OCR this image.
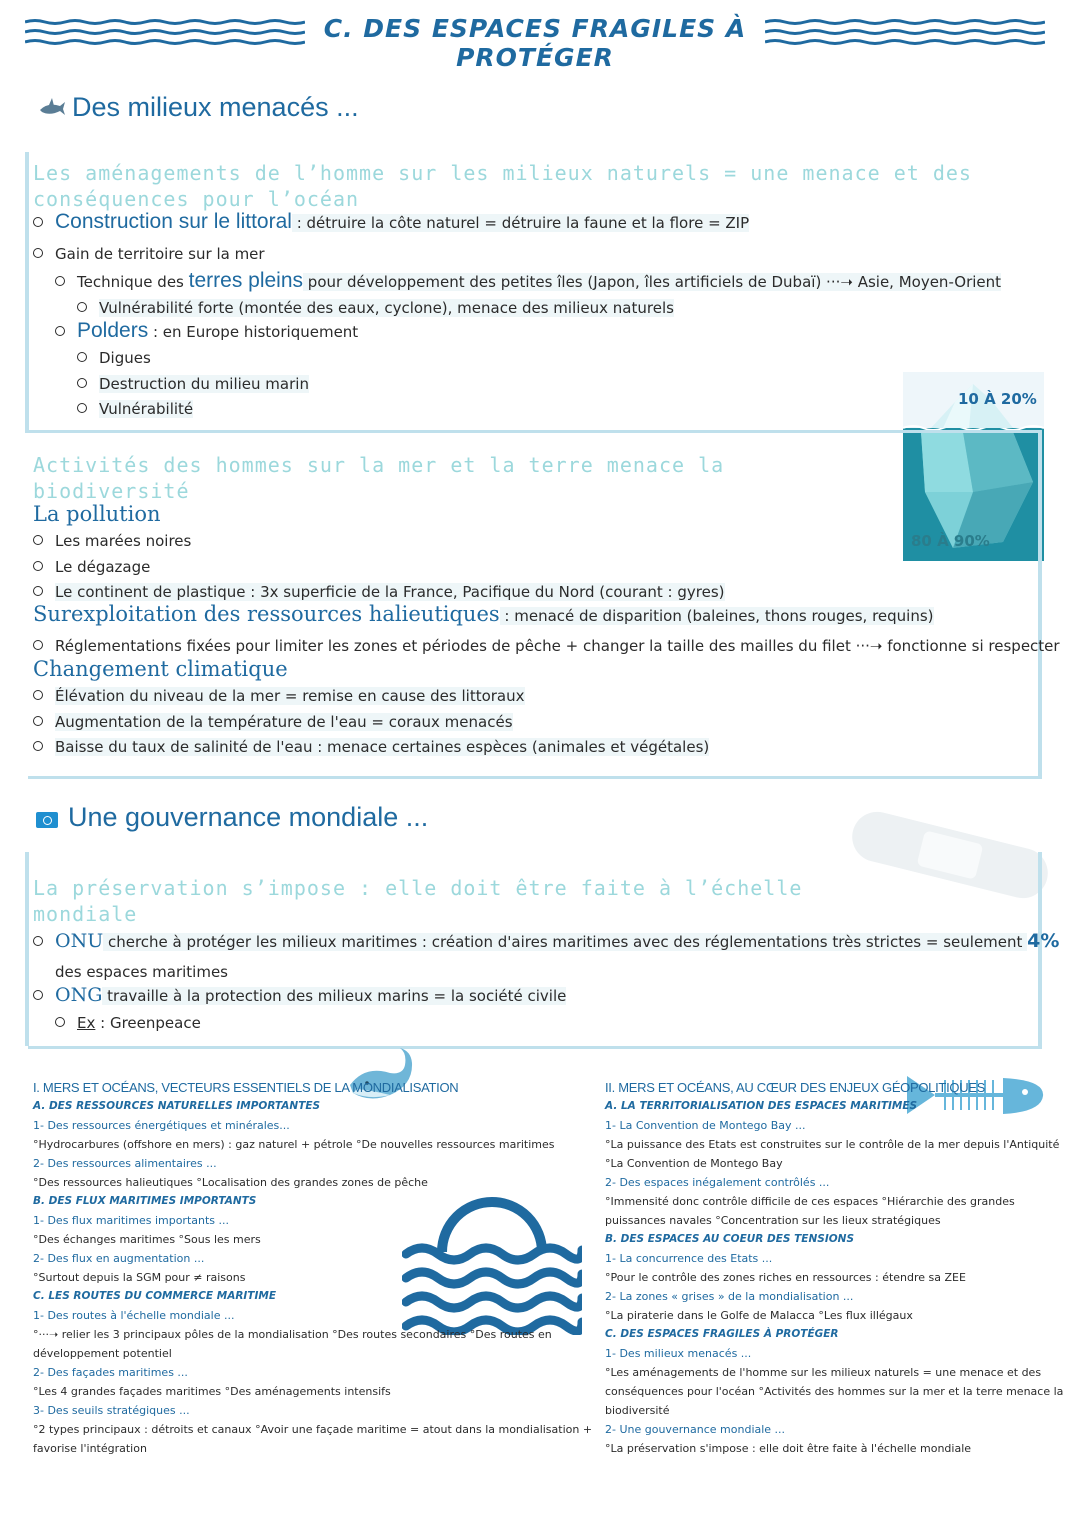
C. DES ESPACES FRAGILES À PROTÉGER
Des milieux menacés ...
Les aménagements de l’homme sur les milieux naturels = une menace et des conséquences pour l’océan
Construction sur le littoral : détruire la côte naturel = détruire la faune et la flore = ZIP
Gain de territoire sur la mer
Technique des terres pleins pour développement des petites îles (Japon, îles artificiels de Dubaï) ···➝ Asie, Moyen-Orient
Vulnérabilité forte (montée des eaux, cyclone), menace des milieux naturels
Polders : en Europe historiquement
Digues
Destruction du milieu marin
Vulnérabilité
10 À 20%
80 À 90%
Activités des hommes sur la mer et la terre menace la biodiversité
La pollution
Les marées noires
Le dégazage
Le continent de plastique : 3x superficie de la France, Pacifique du Nord (courant : gyres)
Surexploitation des ressources halieutiques : menacé de disparition (baleines, thons rouges, requins)
Réglementations fixées pour limiter les zones et périodes de pêche + changer la taille des mailles du filet ···➝ fonctionne si respecter
Changement climatique
Élévation du niveau de la mer = remise en cause des littoraux
Augmentation de la température de l'eau = coraux menacés
Baisse du taux de salinité de l'eau : menace certaines espèces (animales et végétales)
Une gouvernance mondiale ...
La préservation s’impose : elle doit être faite à l’échelle mondiale
ONU cherche à protéger les milieux maritimes : création d'aires maritimes avec des réglementations très strictes = seulement 4%
des espaces maritimes
ONG travaille à la protection des milieux marins = la société civile
Ex : Greenpeace
I. MERS ET OCÉANS, VECTEURS ESSENTIELS DE LA MONDIALISATION
A. DES RESSOURCES NATURELLES IMPORTANTES
1- Des ressources énergétiques et minérales...
°Hydrocarbures (offshore en mers) : gaz naturel + pétrole °De nouvelles ressources maritimes
2- Des ressources alimentaires ...
°Des ressources halieutiques °Localisation des grandes zones de pêche
B. DES FLUX MARITIMES IMPORTANTS
1- Des flux maritimes importants ...
°Des échanges maritimes °Sous les mers
2- Des flux en augmentation ...
°Surtout depuis la SGM pour ≠ raisons
C. LES ROUTES DU COMMERCE MARITIME
1- Des routes à l'échelle mondiale ...
°···➝ relier les 3 principaux pôles de la mondialisation °Des routes secondaires °Des routes en
développement potentiel
2- Des façades maritimes ...
°Les 4 grandes façades maritimes °Des aménagements intensifs
3- Des seuils stratégiques ...
°2 types principaux : détroits et canaux °Avoir une façade maritime = atout dans la mondialisation +
favorise l'intégration
II. MERS ET OCÉANS, AU CŒUR DES ENJEUX GÉOPOLITIQUES
A. LA TERRITORIALISATION DES ESPACES MARITIMES
1- La Convention de Montego Bay ...
°La puissance des Etats est construites sur le contrôle de la mer depuis l'Antiquité
°La Convention de Montego Bay
2- Des espaces inégalement contrôlés ...
°Immensité donc contrôle difficile de ces espaces °Hiérarchie des grandes
puissances navales °Concentration sur les lieux stratégiques
B. DES ESPACES AU COEUR DES TENSIONS
1- La concurrence des Etats ...
°Pour le contrôle des zones riches en ressources : étendre sa ZEE
2- La zones « grises » de la mondialisation ...
°La piraterie dans le Golfe de Malacca °Les flux illégaux
C. DES ESPACES FRAGILES À PROTÉGER
1- Des milieux menacés ...
°Les aménagements de l'homme sur les milieux naturels = une menace et des
conséquences pour l'océan °Activités des hommes sur la mer et la terre menace la
biodiversité
2- Une gouvernance mondiale ...
°La préservation s'impose : elle doit être faite à l'échelle mondiale
